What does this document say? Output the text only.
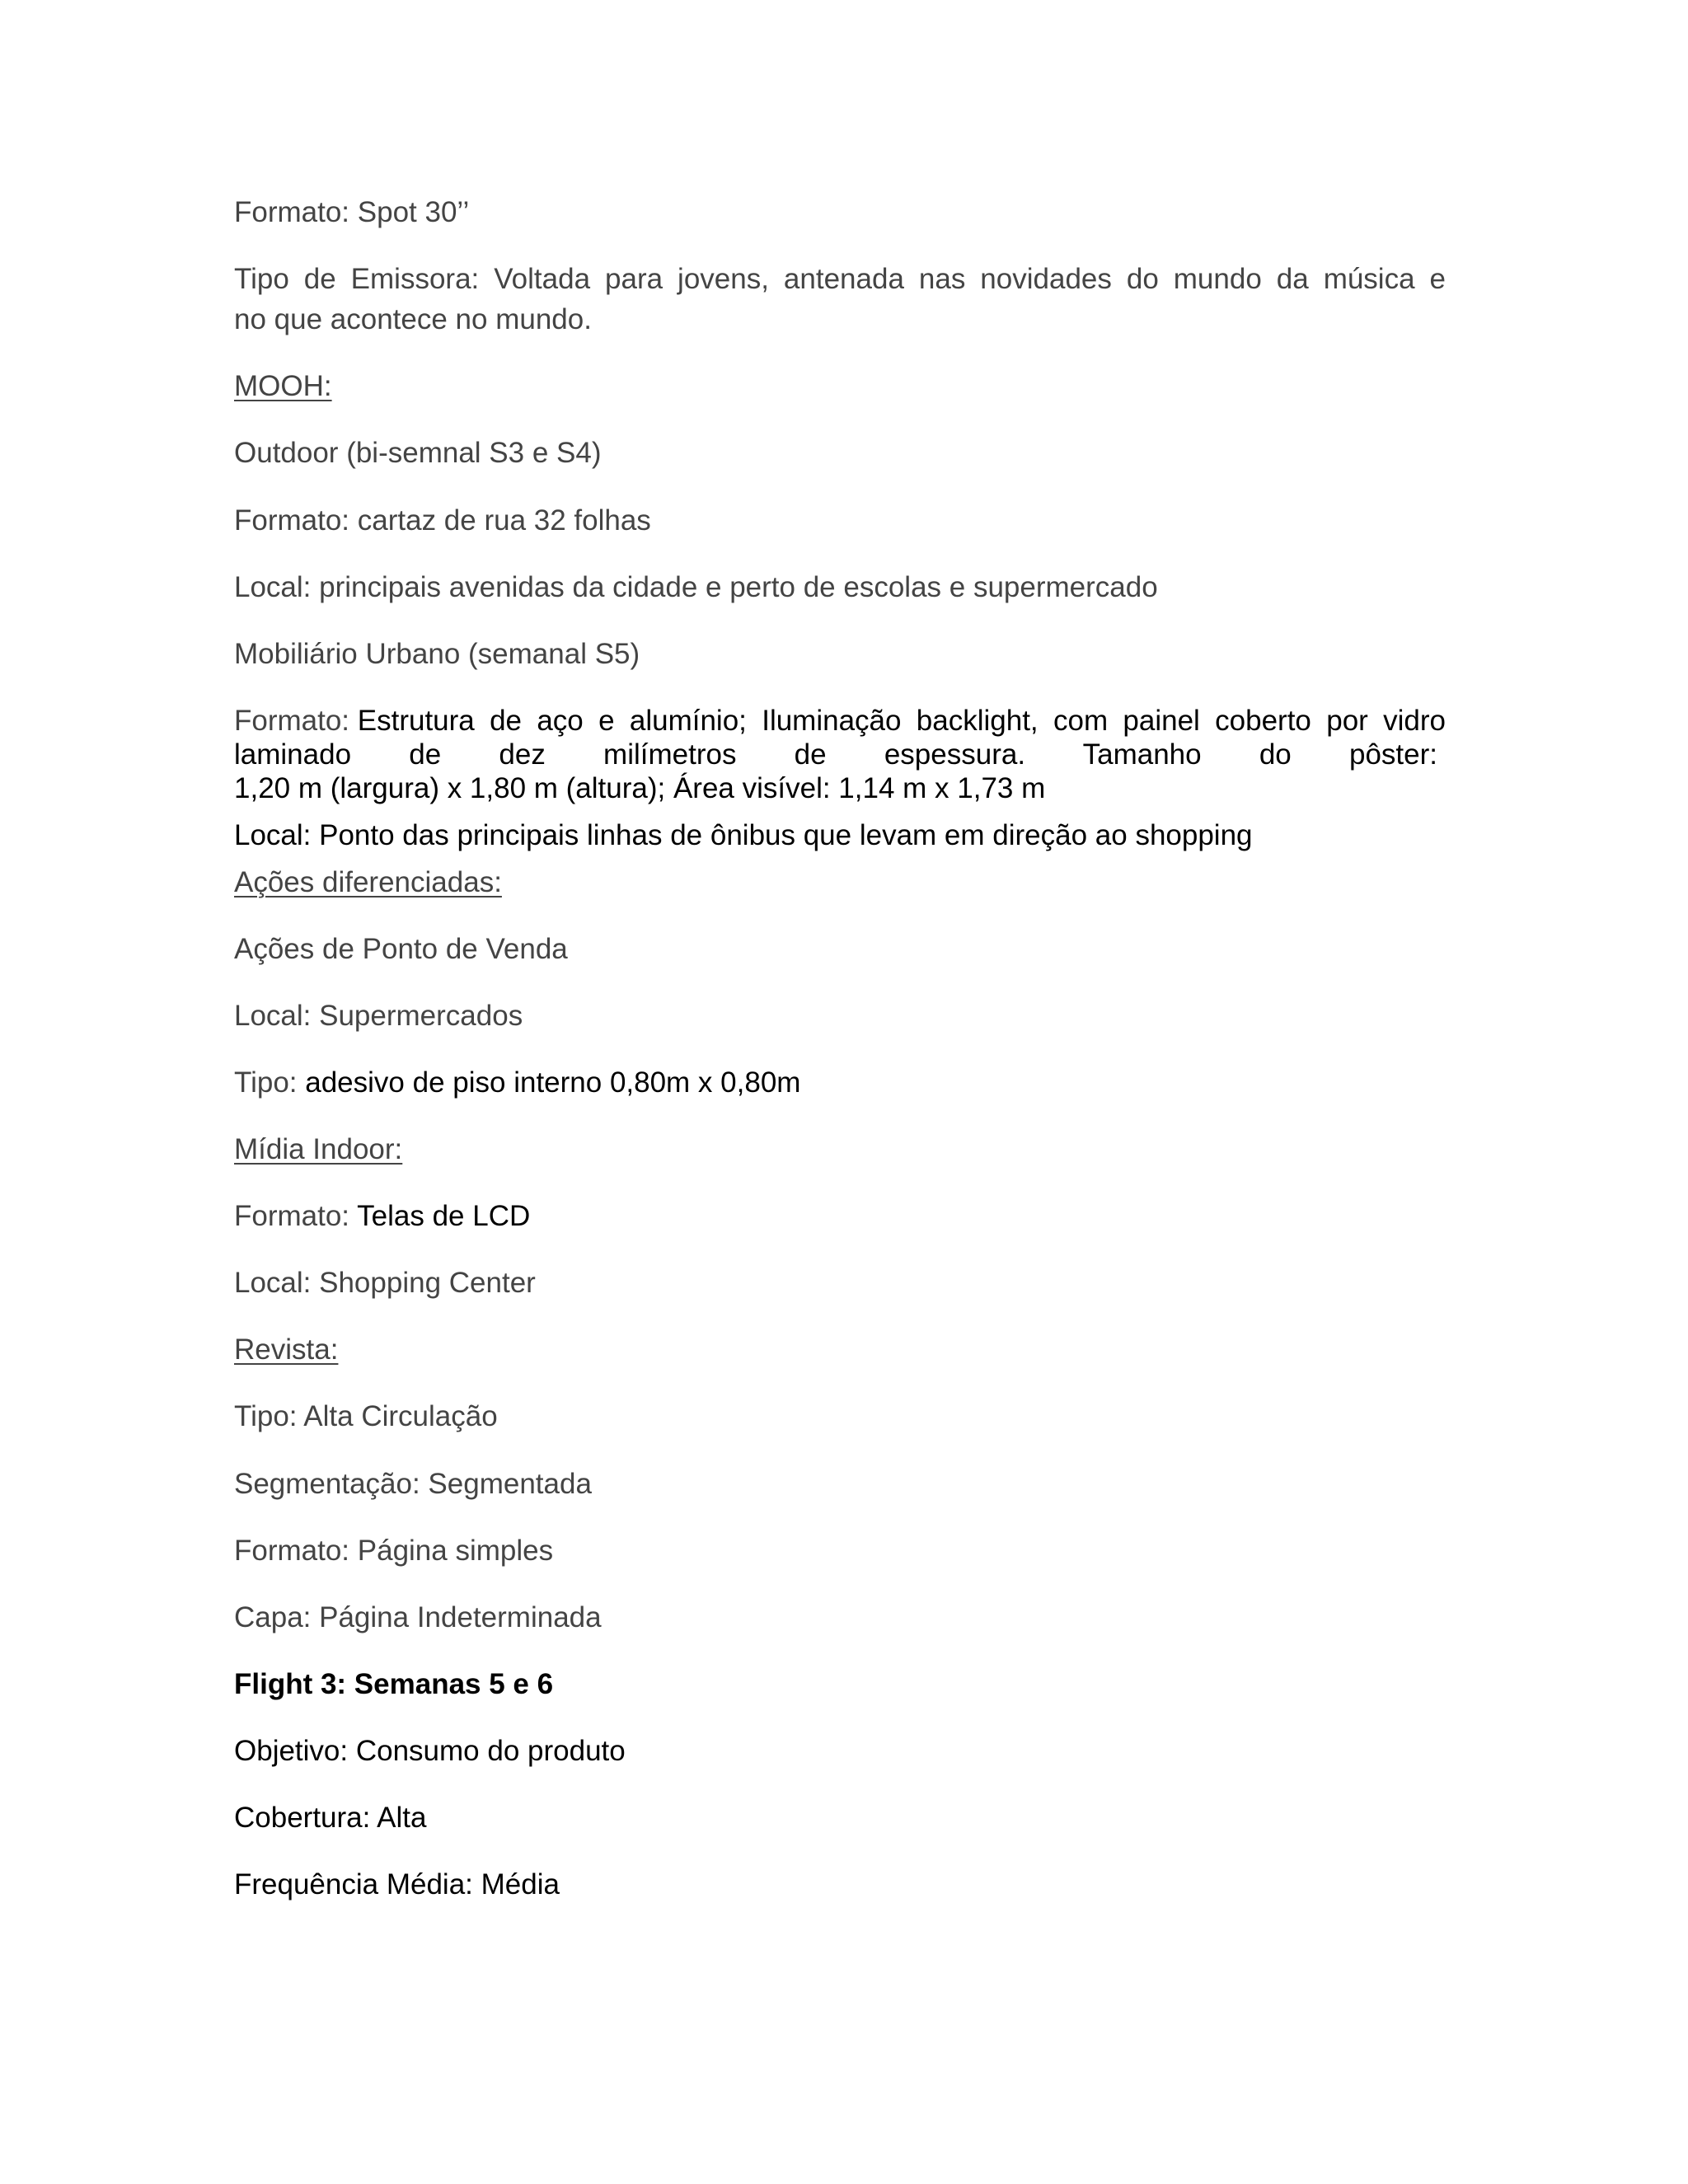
Formato: Spot 30’’
Tipo de Emissora: Voltada para jovens, antenada nas novidades do mundo da música e
no que acontece no mundo.
MOOH:
Outdoor (bi-semnal S3 e S4)
Formato: cartaz de rua 32 folhas
Local: principais avenidas da cidade e perto de escolas e supermercado
Mobiliário Urbano (semanal S5)
Formato: Estrutura de aço e alumínio; Iluminação backlight, com painel coberto por vidro
laminado de dez milímetros de espessura. Tamanho do pôster:
1,20 m (largura) x 1,80 m (altura); Área visível: 1,14 m x 1,73 m
Local: Ponto das principais linhas de ônibus que levam em direção ao shopping
Ações diferenciadas:
Ações de Ponto de Venda
Local: Supermercados
Tipo: adesivo de piso interno 0,80m x 0,80m
Mídia Indoor:
Formato: Telas de LCD
Local: Shopping Center
Revista:
Tipo: Alta Circulação
Segmentação: Segmentada
Formato: Página simples
Capa: Página Indeterminada
Flight 3: Semanas 5 e 6
Objetivo: Consumo do produto
Cobertura: Alta
Frequência Média: Média
